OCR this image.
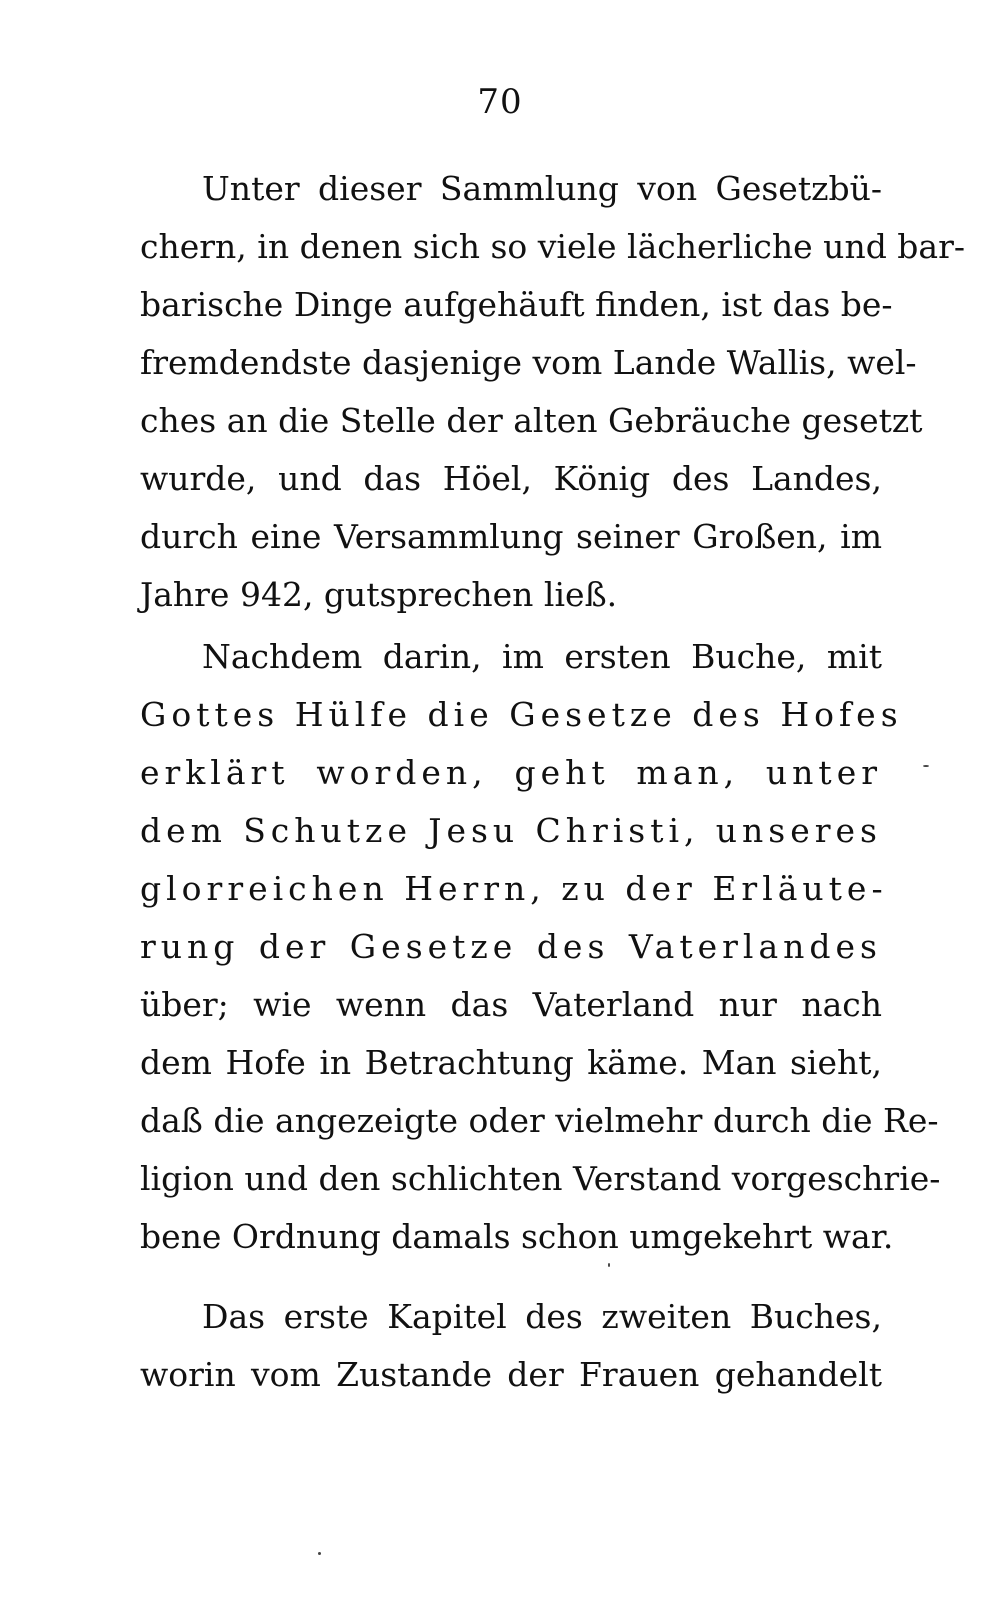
70
Unter dieser Sammlung von Gesetzbü-
chern, in denen sich so viele lächerliche und bar-
barische Dinge aufgehäuft finden, ist das be-
fremdendste dasjenige vom Lande Wallis, wel-
ches an die Stelle der alten Gebräuche gesetzt
wurde, und das Höel, König des Landes,
durch eine Versammlung seiner Großen, im
Jahre 942, gutsprechen ließ.
Nachdem darin, im ersten Buche, mit
Gottes Hülfe die Gesetze des Hofes
erklärt worden, geht man, unter
dem Schutze Jesu Christi, unseres
glorreichen Herrn, zu der Erläute-
rung der Gesetze des Vaterlandes
über; wie wenn das Vaterland nur nach
dem Hofe in Betrachtung käme. Man sieht,
daß die angezeigte oder vielmehr durch die Re-
ligion und den schlichten Verstand vorgeschrie-
bene Ordnung damals schon umgekehrt war.
Das erste Kapitel des zweiten Buches,
worin vom Zustande der Frauen gehandelt
